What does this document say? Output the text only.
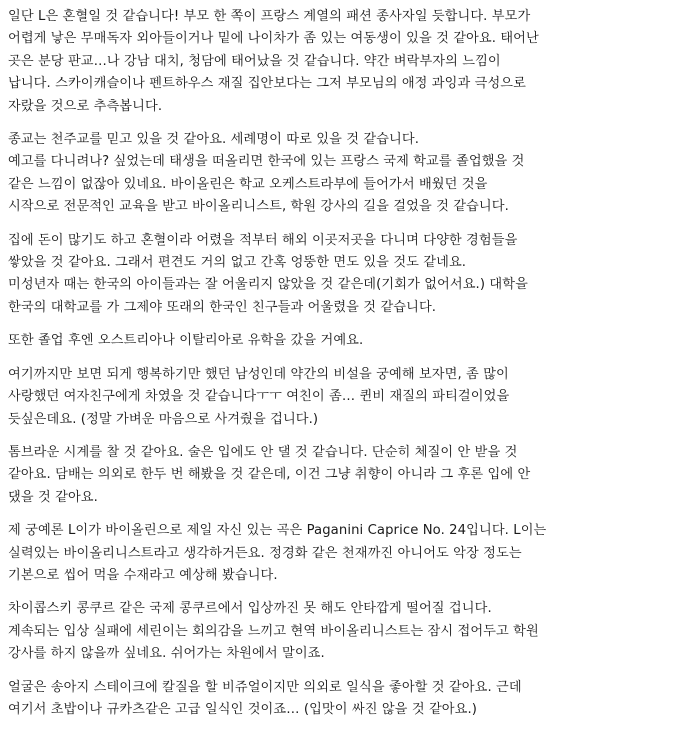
일단 L은 혼혈일 것 같습니다! 부모 한 쪽이 프랑스 계열의 패션 종사자일 듯합니다. 부모가
어렵게 낳은 무매독자 외아들이거나 밑에 나이차가 좀 있는 여동생이 있을 것 같아요. 태어난
곳은 분당 판교…나 강남 대치, 청담에 태어났을 것 같습니다. 약간 벼락부자의 느낌이
납니다. 스카이캐슬이나 펜트하우스 재질 집안보다는 그저 부모님의 애정 과잉과 극성으로
자랐을 것으로 추측봅니다.
종교는 천주교를 믿고 있을 것 같아요. 세례명이 따로 있을 것 같습니다.
예고를 다니려나? 싶었는데 태생을 떠올리면 한국에 있는 프랑스 국제 학교를 졸업했을 것
같은 느낌이 없잖아 있네요. 바이올린은 학교 오케스트라부에 들어가서 배웠던 것을
시작으로 전문적인 교육을 받고 바이올리니스트, 학원 강사의 길을 걸었을 것 같습니다.
집에 돈이 많기도 하고 혼혈이라 어렸을 적부터 해외 이곳저곳을 다니며 다양한 경험들을
쌓았을 것 같아요. 그래서 편견도 거의 없고 간혹 엉뚱한 면도 있을 것도 같네요.
미성년자 때는 한국의 아이들과는 잘 어울리지 않았을 것 같은데(기회가 없어서요.) 대학을
한국의 대학교를 가 그제야 또래의 한국인 친구들과 어울렸을 것 같습니다.
또한 졸업 후엔 오스트리아나 이탈리아로 유학을 갔을 거예요.
여기까지만 보면 되게 행복하기만 했던 남성인데 약간의 비설을 궁예해 보자면, 좀 많이
사랑했던 여자친구에게 차였을 것 같습니다ㅜㅜ 여친이 좀… 퀸비 재질의 파티걸이었을
듯싶은데요. (정말 가벼운 마음으로 사겨줬을 겁니다.)
톰브라운 시계를 찰 것 같아요. 술은 입에도 안 댈 것 같습니다. 단순히 체질이 안 받을 것
같아요. 담배는 의외로 한두 번 해봤을 것 같은데, 이건 그냥 취향이 아니라 그 후론 입에 안
댔을 것 같아요.
제 궁예론 L이가 바이올린으로 제일 자신 있는 곡은 Paganini Caprice No. 24입니다. L이는
실력있는 바이올리니스트라고 생각하거든요. 정경화 같은 천재까진 아니어도 악장 정도는
기본으로 씹어 먹을 수재라고 예상해 봤습니다.
차이콥스키 콩쿠르 같은 국제 콩쿠르에서 입상까진 못 해도 안타깝게 떨어질 겁니다.
계속되는 입상 실패에 세린이는 회의감을 느끼고 현역 바이올리니스트는 잠시 접어두고 학원
강사를 하지 않을까 싶네요. 쉬어가는 차원에서 말이죠.
얼굴은 송아지 스테이크에 칼질을 할 비쥬얼이지만 의외로 일식을 좋아할 것 같아요. 근데
여기서 초밥이나 규카츠같은 고급 일식인 것이죠… (입맛이 싸진 않을 것 같아요.)
